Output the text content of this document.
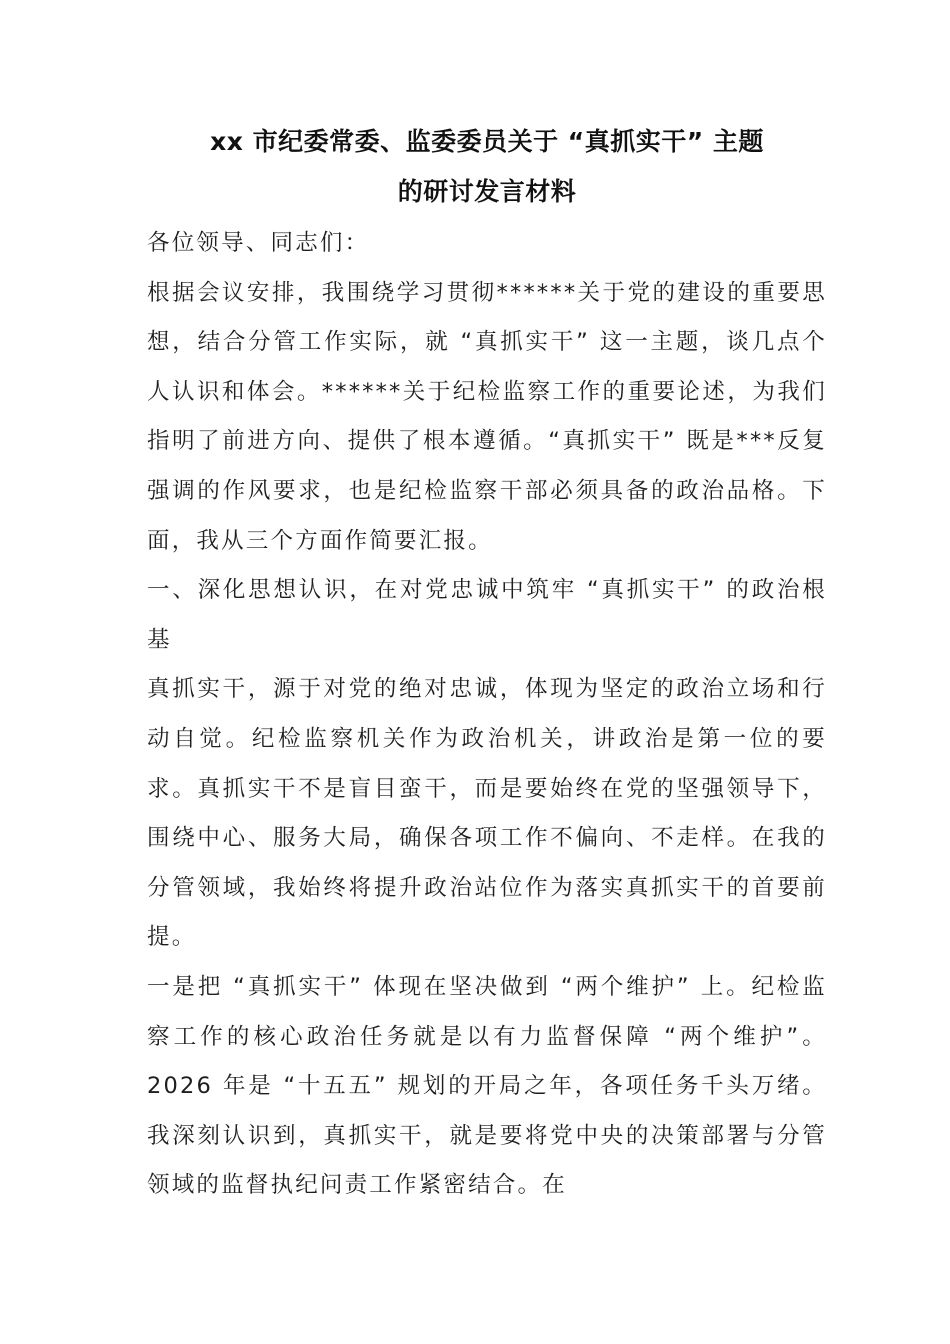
xx 市纪委常委、监委委员关于 “真抓实干” 主题
的研讨发言材料

各位领导、同志们：

根据会议安排，我围绕学习贯彻******关于党的建设的重要思想，结合分管工作实际，就 “真抓实干” 这一主题，谈几点个人认识和体会。******关于纪检监察工作的重要论述，为我们指明了前进方向、提供了根本遵循。“真抓实干” 既是***反复强调的作风要求，也是纪检监察干部必须具备的政治品格。下面，我从三个方面作简要汇报。

一、深化思想认识，在对党忠诚中筑牢 “真抓实干” 的政治根基

真抓实干，源于对党的绝对忠诚，体现为坚定的政治立场和行动自觉。纪检监察机关作为政治机关，讲政治是第一位的要求。真抓实干不是盲目蛮干，而是要始终在党的坚强领导下，围绕中心、服务大局，确保各项工作不偏向、不走样。在我的分管领域，我始终将提升政治站位作为落实真抓实干的首要前提。

一是把 “真抓实干” 体现在坚决做到 “两个维护” 上。纪检监察工作的核心政治任务就是以有力监督保障 “两个维护”。2026 年是 “十五五” 规划的开局之年，各项任务千头万绪。我深刻认识到，真抓实干，就是要将党中央的决策部署与分管领域的监督执纪问责工作紧密结合。在
